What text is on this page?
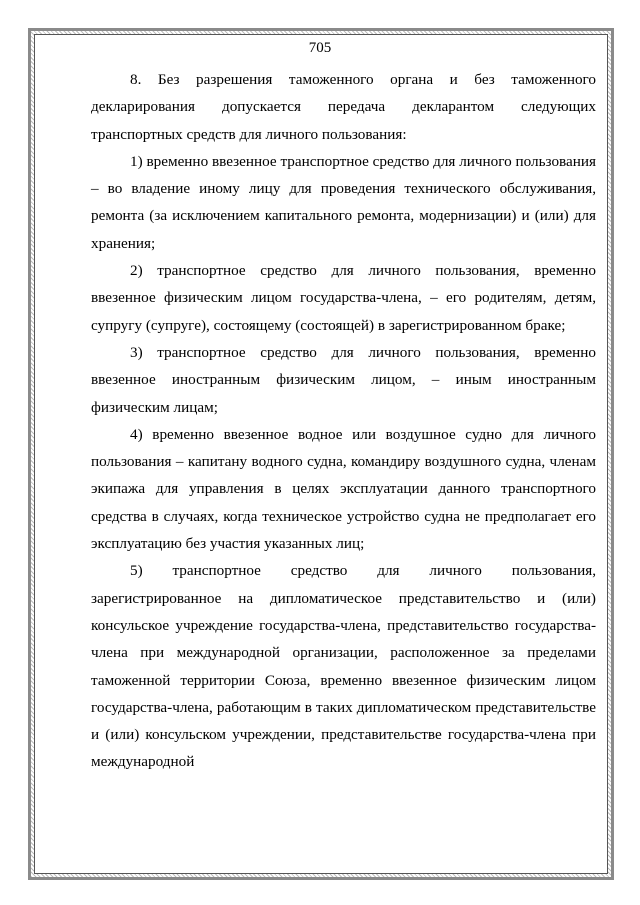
705

8. Без разрешения таможенного органа и без таможенного декларирования допускается передача декларантом следующих транспортных средств для личного пользования:

1) временно ввезенное транспортное средство для личного пользования – во владение иному лицу для проведения технического обслуживания, ремонта (за исключением капитального ремонта, модернизации) и (или) для хранения;

2) транспортное средство для личного пользования, временно ввезенное физическим лицом государства-члена, – его родителям, детям, супругу (супруге), состоящему (состоящей) в зарегистрированном браке;

3) транспортное средство для личного пользования, временно ввезенное иностранным физическим лицом, – иным иностранным физическим лицам;

4) временно ввезенное водное или воздушное судно для личного пользования – капитану водного судна, командиру воздушного судна, членам экипажа для управления в целях эксплуатации данного транспортного средства в случаях, когда техническое устройство судна не предполагает его эксплуатацию без участия указанных лиц;

5) транспортное средство для личного пользования, зарегистрированное на дипломатическое представительство и (или) консульское учреждение государства-члена, представительство государства-члена при международной организации, расположенное за пределами таможенной территории Союза, временно ввезенное физическим лицом государства-члена, работающим в таких дипломатическом представительстве и (или) консульском учреждении, представительстве государства-члена при международной
